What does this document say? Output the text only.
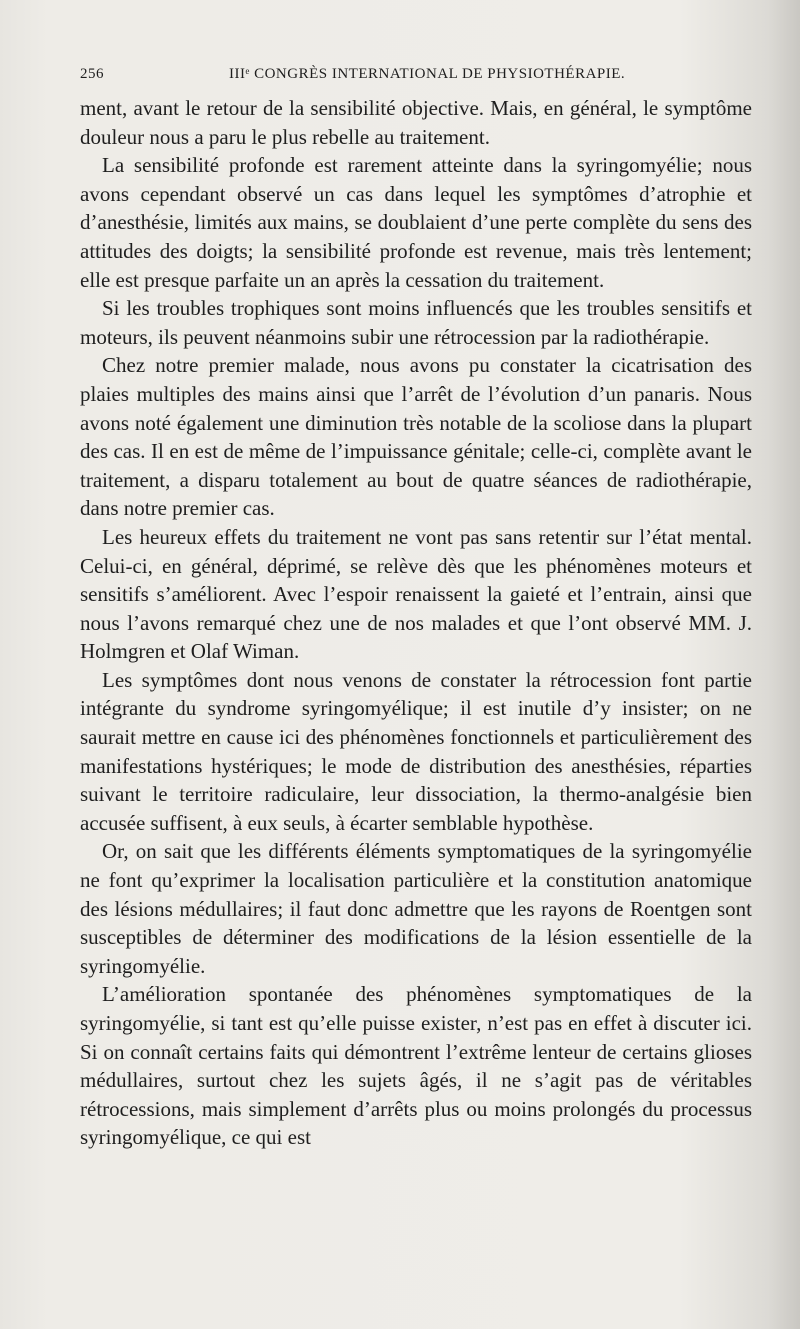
256	IIIᵉ CONGRÈS INTERNATIONAL DE PHYSIOTHÉRAPIE.

ment, avant le retour de la sensibilité objective. Mais, en général, le symptôme douleur nous a paru le plus rebelle au traitement.

La sensibilité profonde est rarement atteinte dans la syringomyélie; nous avons cependant observé un cas dans lequel les symptômes d’atrophie et d’anesthésie, limités aux mains, se doublaient d’une perte complète du sens des attitudes des doigts; la sensibilité profonde est revenue, mais très lentement; elle est presque parfaite un an après la cessation du traitement.

Si les troubles trophiques sont moins influencés que les troubles sensitifs et moteurs, ils peuvent néanmoins subir une rétrocession par la radiothérapie.

Chez notre premier malade, nous avons pu constater la cicatrisation des plaies multiples des mains ainsi que l’arrêt de l’évolution d’un panaris. Nous avons noté également une diminution très notable de la scoliose dans la plupart des cas. Il en est de même de l’impuissance génitale; celle-ci, complète avant le traitement, a disparu totalement au bout de quatre séances de radiothérapie, dans notre premier cas.

Les heureux effets du traitement ne vont pas sans retentir sur l’état mental. Celui-ci, en général, déprimé, se relève dès que les phénomènes moteurs et sensitifs s’améliorent. Avec l’espoir renaissent la gaieté et l’entrain, ainsi que nous l’avons remarqué chez une de nos malades et que l’ont observé MM. J. Holmgren et Olaf Wiman.

Les symptômes dont nous venons de constater la rétrocession font partie intégrante du syndrome syringomyélique; il est inutile d’y insister; on ne saurait mettre en cause ici des phénomènes fonctionnels et particulièrement des manifestations hystériques; le mode de distribution des anesthésies, réparties suivant le territoire radiculaire, leur dissociation, la thermo-analgésie bien accusée suffisent, à eux seuls, à écarter semblable hypothèse.

Or, on sait que les différents éléments symptomatiques de la syringomyélie ne font qu’exprimer la localisation particulière et la constitution anatomique des lésions médullaires; il faut donc admettre que les rayons de Roentgen sont susceptibles de déterminer des modifications de la lésion essentielle de la syringomyélie.

L’amélioration spontanée des phénomènes symptomatiques de la syringomyélie, si tant est qu’elle puisse exister, n’est pas en effet à discuter ici. Si on connaît certains faits qui démontrent l’extrême lenteur de certains glioses médullaires, surtout chez les sujets âgés, il ne s’agit pas de véritables rétrocessions, mais simplement d’arrêts plus ou moins prolongés du processus syringomyélique, ce qui est
